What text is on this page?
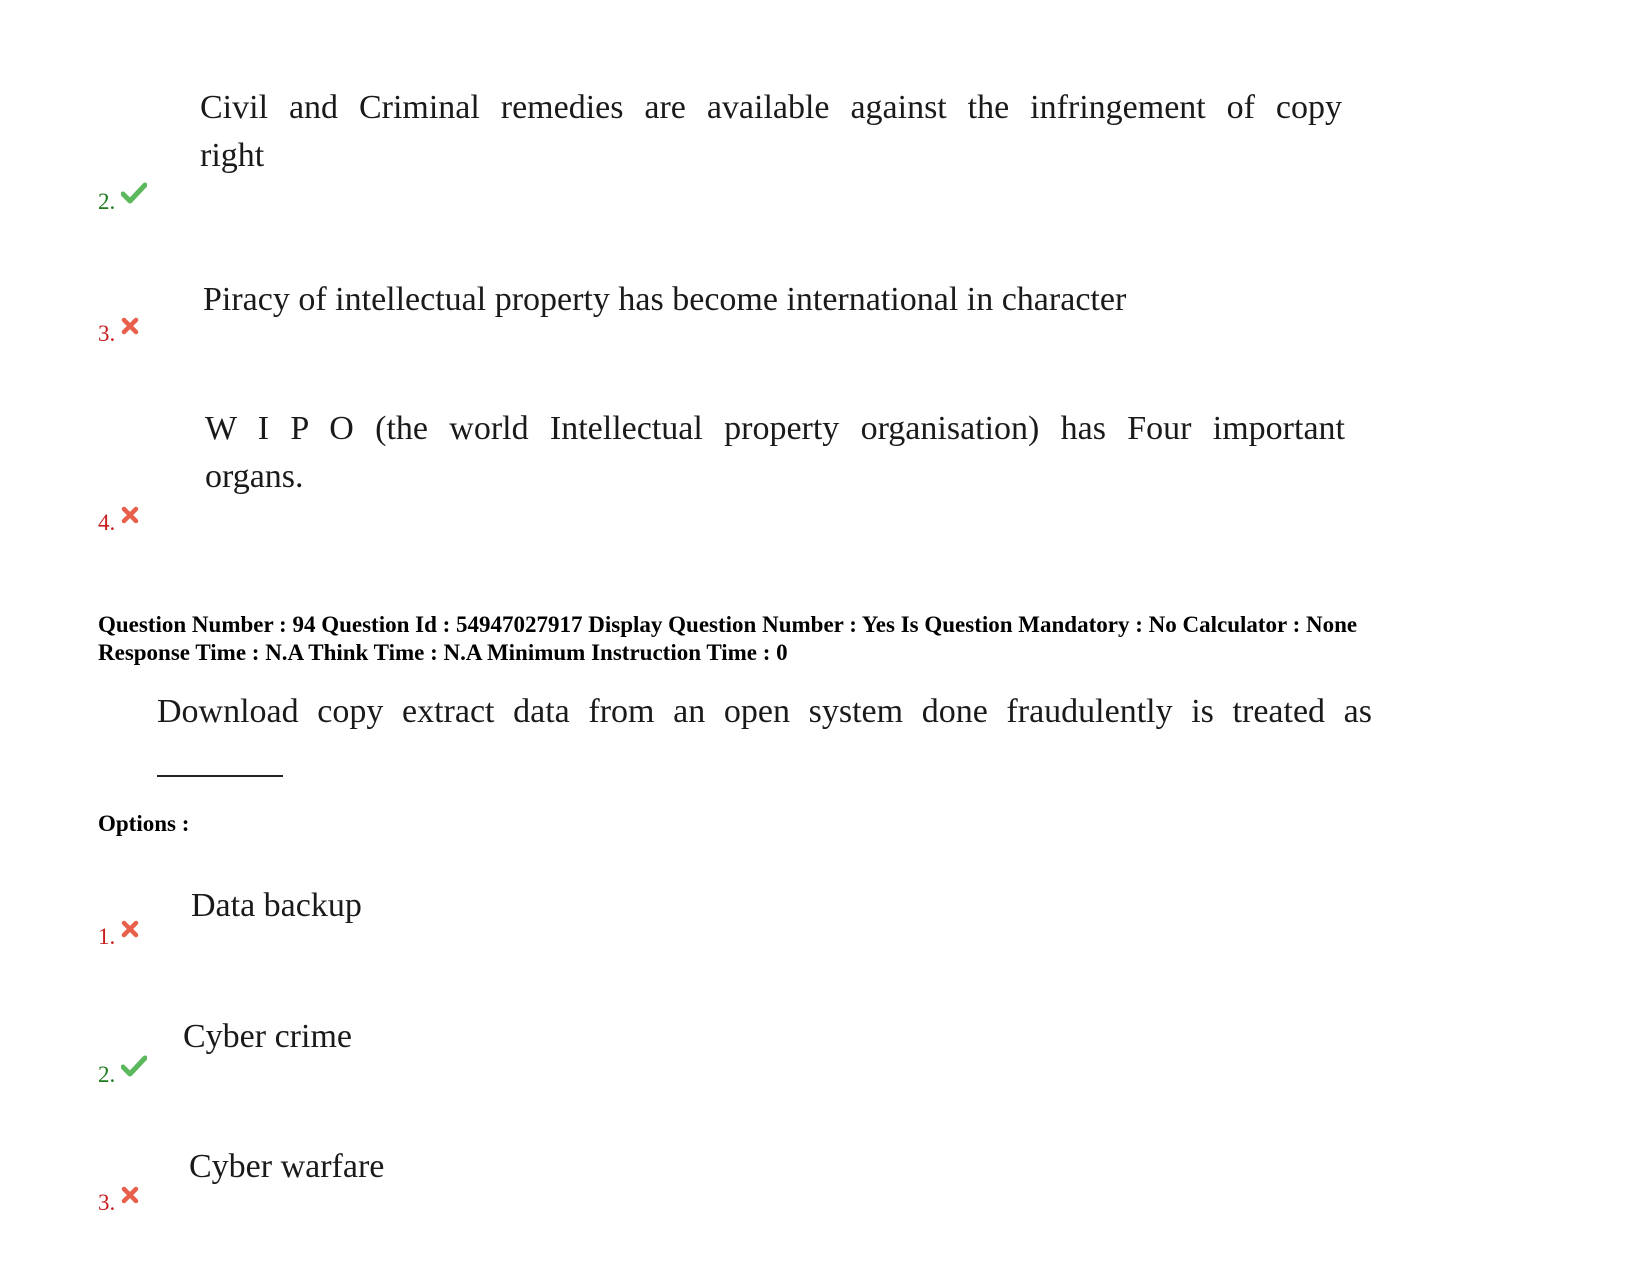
Civil and Criminal remedies are available against the infringement of copy
right
2.
Piracy of intellectual property has become international in character
3.
W I P O (the world Intellectual property organisation) has Four important
organs.
4.
Question Number : 94 Question Id : 54947027917 Display Question Number : Yes Is Question Mandatory : No Calculator : None
Response Time : N.A Think Time : N.A Minimum Instruction Time : 0
Download copy extract data from an open system done fraudulently is treated as
Options :
Data backup
1.
Cyber crime
2.
Cyber warfare
3.
